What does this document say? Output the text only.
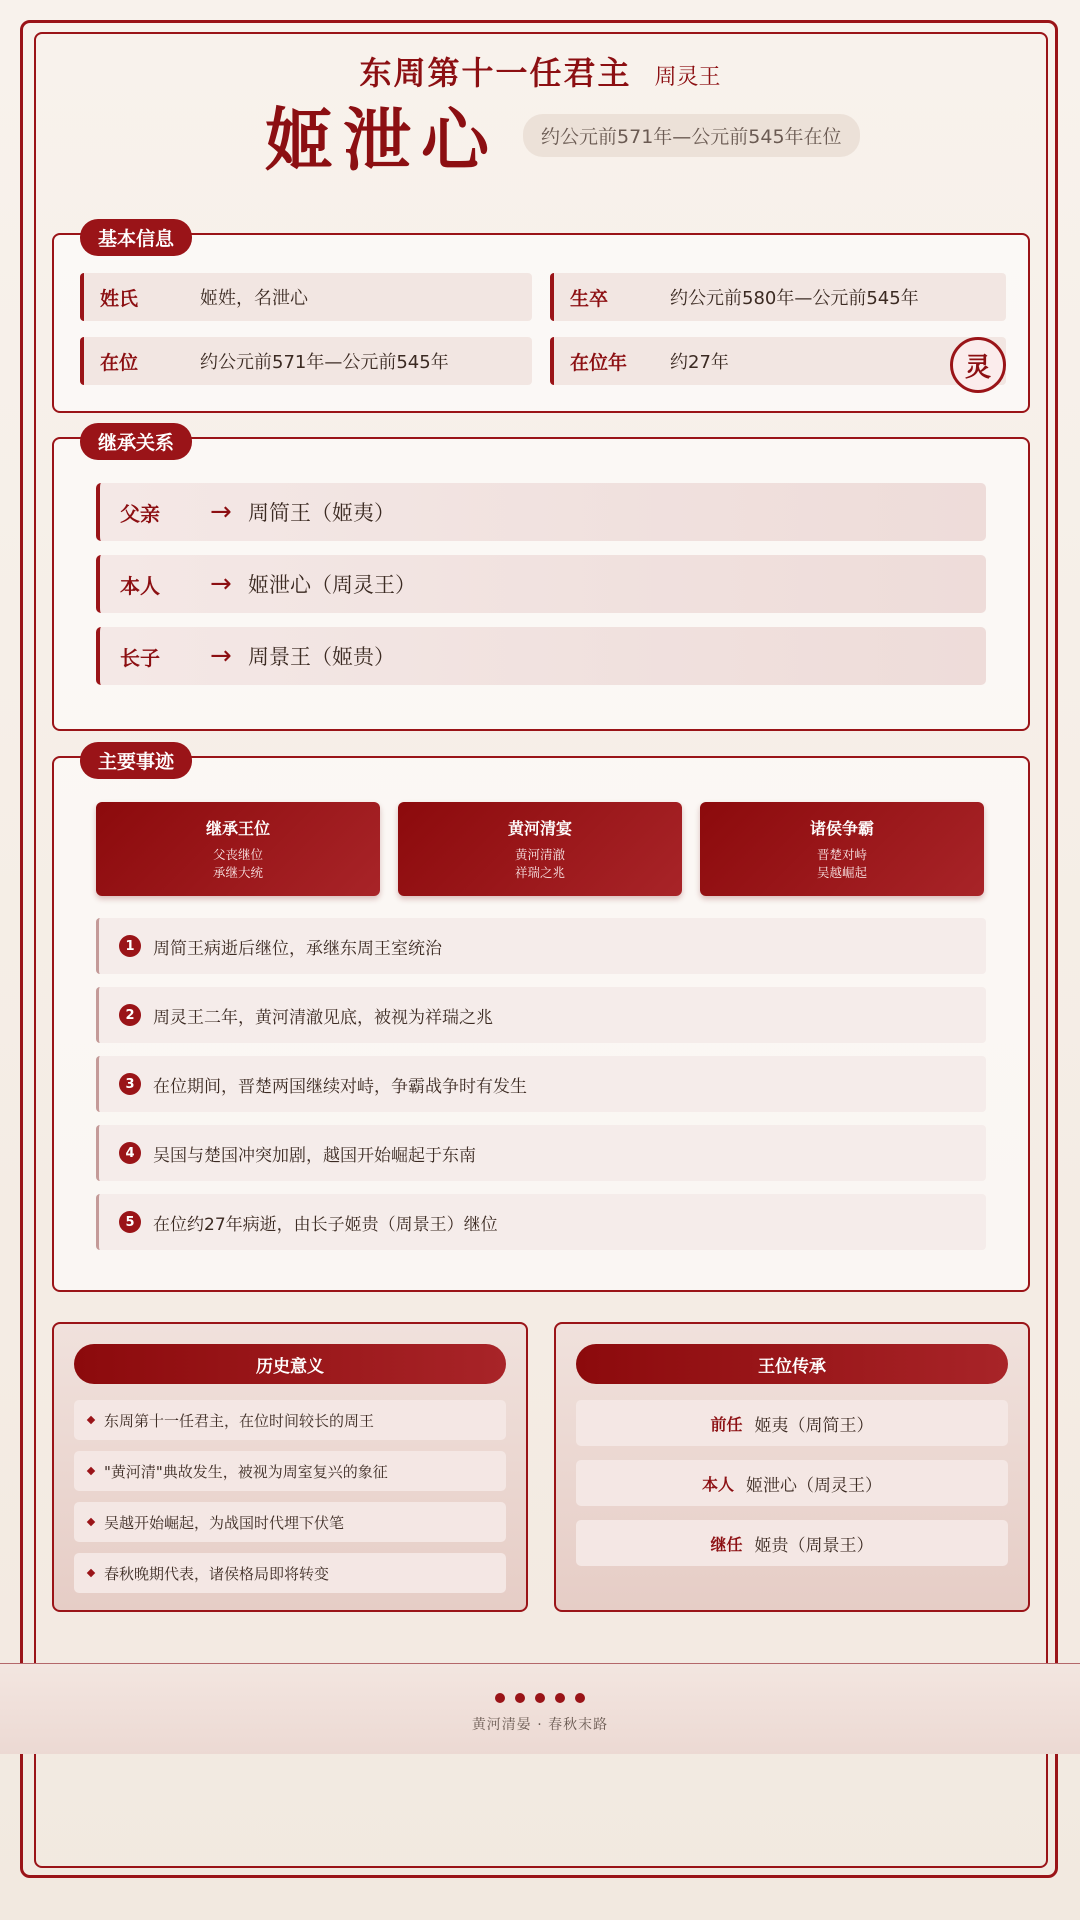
东周第十一任君主 周灵王
姬泄心	约公元前571年—公元前545年在位
基本信息
姓氏	姬姓，名泄心	生卒	约公元前580年—公元前545年
在位	约公元前571年—公元前545年	在位年	约27年	灵
继承关系
父亲	→ 周简王（姬夷）
本人	→ 姬泄心（周灵王）
长子	→ 周景王（姬贵）
主要事迹
继承王位
父丧继位
承继大统
黄河清宴
黄河清澈
祥瑞之兆
诸侯争霸
晋楚对峙
吴越崛起
1	周简王病逝后继位，承继东周王室统治
2	周灵王二年，黄河清澈见底，被视为祥瑞之兆
3	在位期间，晋楚两国继续对峙，争霸战争时有发生
4	吴国与楚国冲突加剧，越国开始崛起于东南
5	在位约27年病逝，由长子姬贵（周景王）继位
历史意义
东周第十一任君主，在位时间较长的周王
"黄河清"典故发生，被视为周室复兴的象征
吴越开始崛起，为战国时代埋下伏笔
春秋晚期代表，诸侯格局即将转变
王位传承
前任 姬夷（周简王）
本人 姬泄心（周灵王）
继任 姬贵（周景王）
黄河清晏 · 春秋末路
